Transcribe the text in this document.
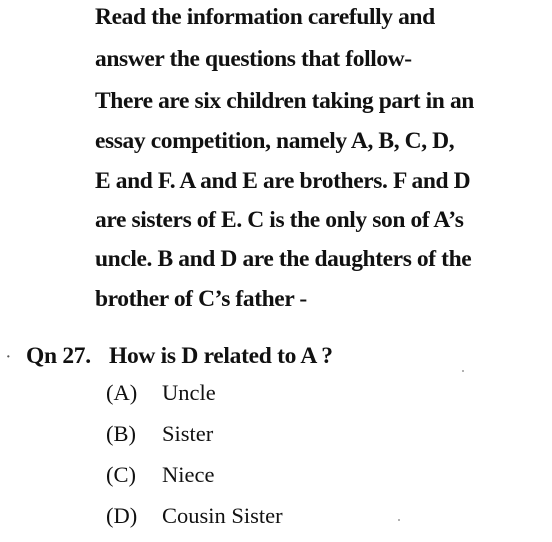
Read the information carefully and
answer the questions that follow-
There are six children taking part in an
essay competition, namely A, B, C, D,
E and F. A and E are brothers. F and D
are sisters of E. C is the only son of A’s
uncle. B and D are the daughters of the
brother of C’s father -
· Qn 27. How is D related to A ?
(A) Uncle
(B) Sister
(C) Niece
(D) Cousin Sister
